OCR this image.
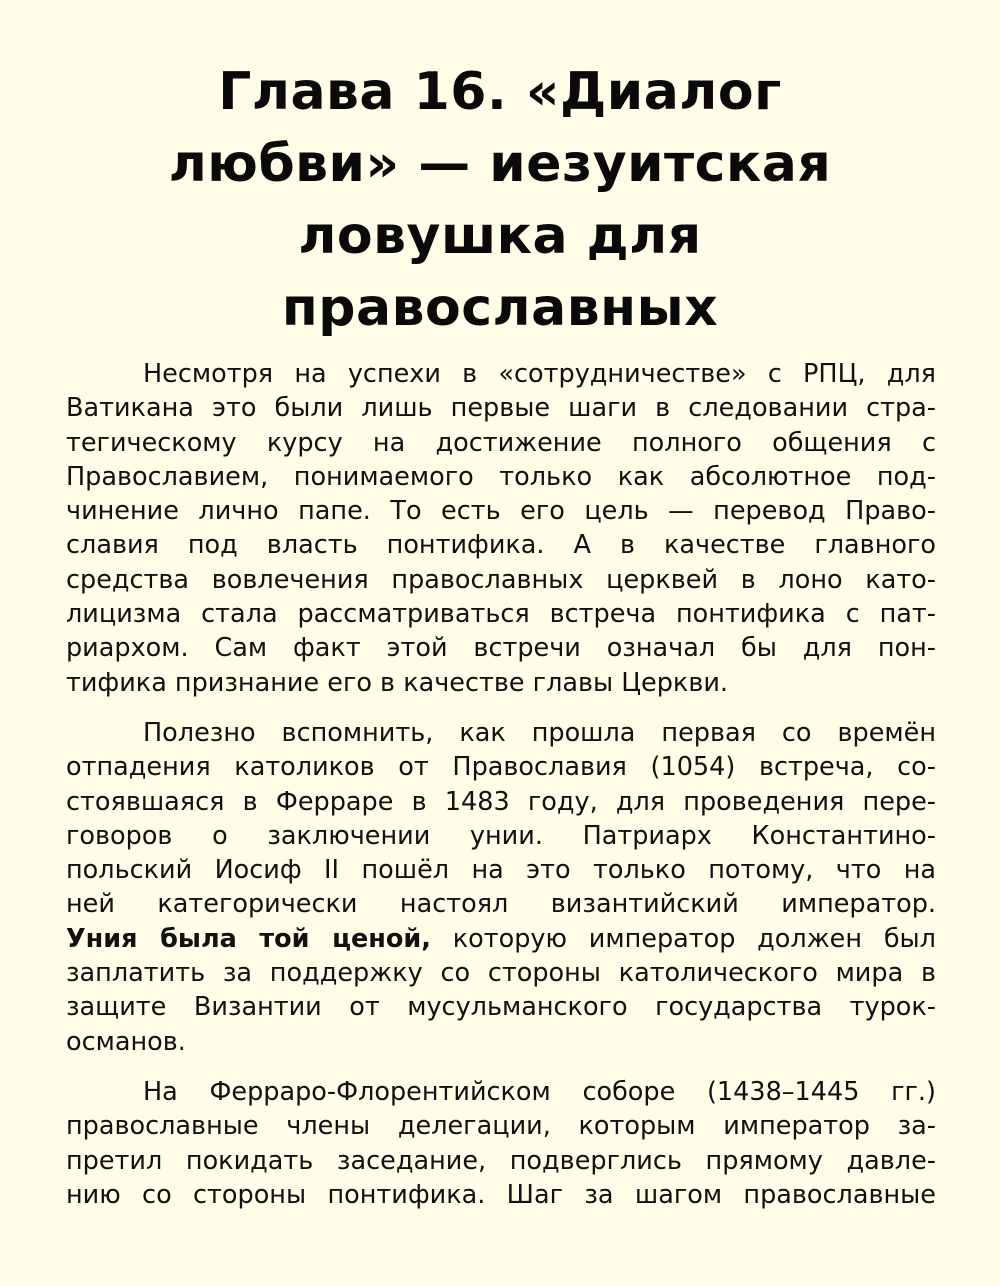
Глава 16. «Диалог
любви» — иезуитская
ловушка для
православных

Несмотря на успехи в «сотрудничестве» с РПЦ, для
Ватикана это были лишь первые шаги в следовании стра-
тегическому курсу на достижение полного общения с
Православием, понимаемого только как абсолютное под-
чинение лично папе. То есть его цель — перевод Право-
славия под власть понтифика. А в качестве главного
средства вовлечения православных церквей в лоно като-
лицизма стала рассматриваться встреча понтифика с пат-
риархом. Сам факт этой встречи означал бы для пон-
тифика признание его в качестве главы Церкви.

Полезно вспомнить, как прошла первая со времён
отпадения католиков от Православия (1054) встреча, со-
стоявшаяся в Ферраре в 1483 году, для проведения пере-
говоров о заключении унии. Патриарх Константино-
польский Иосиф II пошёл на это только потому, что на
ней категорически настоял византийский император.
Уния была той ценой, которую император должен был
заплатить за поддержку со стороны католического мира в
защите Византии от мусульманского государства турок-
османов.

На Ферраро-Флорентийском соборе (1438–1445 гг.)
православные члены делегации, которым император за-
претил покидать заседание, подверглись прямому давле-
нию со стороны понтифика. Шаг за шагом православные
